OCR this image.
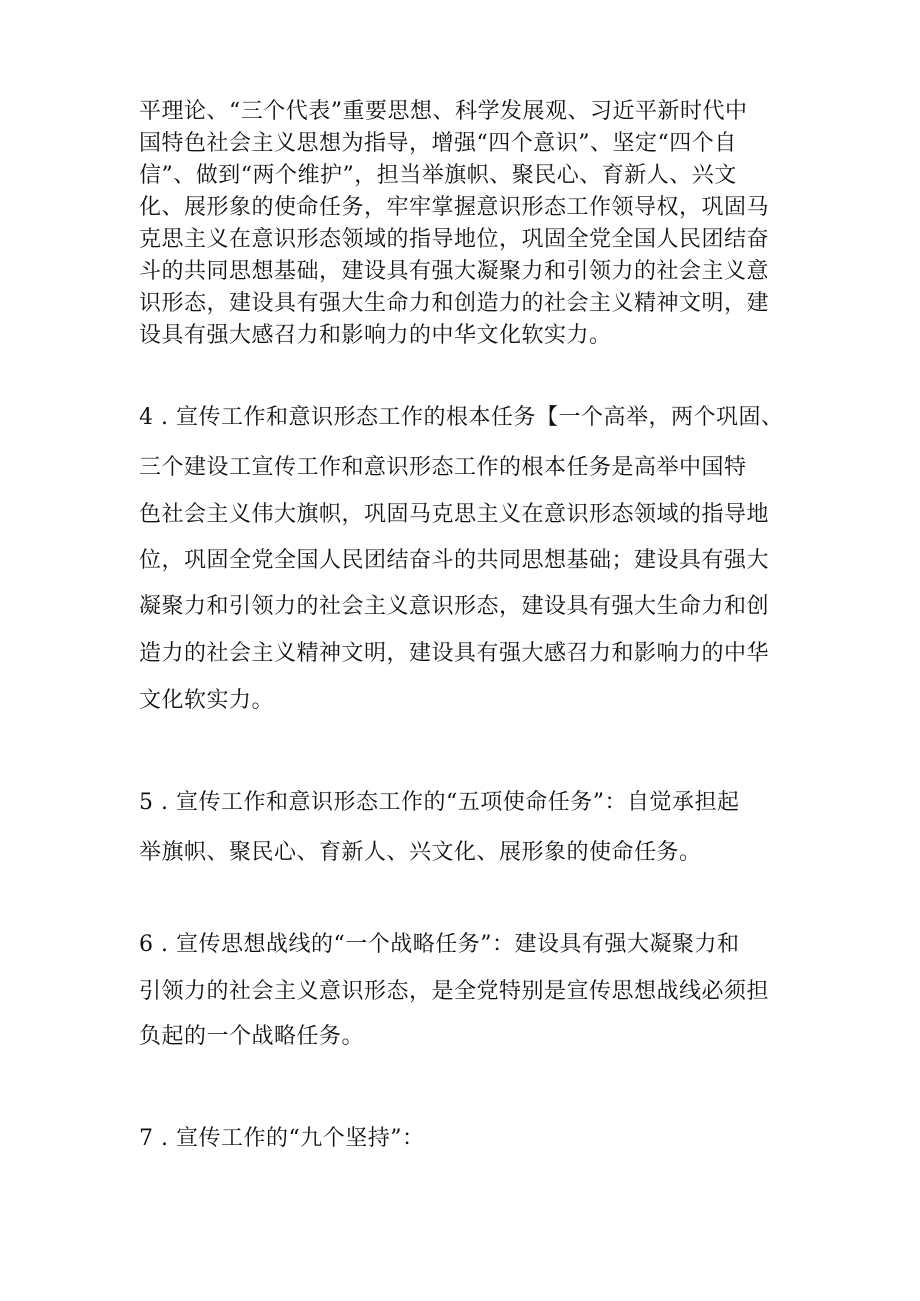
平理论、“三个代表”重要思想、科学发展观、习近平新时代中
国特色社会主义思想为指导，增强“四个意识”、坚定“四个自
信”、做到“两个维护”，担当举旗帜、聚民心、育新人、兴文
化、展形象的使命任务，牢牢掌握意识形态工作领导权，巩固马
克思主义在意识形态领域的指导地位，巩固全党全国人民团结奋
斗的共同思想基础，建设具有强大凝聚力和引领力的社会主义意
识形态，建设具有强大生命力和创造力的社会主义精神文明，建
设具有强大感召力和影响力的中华文化软实力。
4 . 宣传工作和意识形态工作的根本任务【一个高举，两个巩固、
三个建设工宣传工作和意识形态工作的根本任务是高举中国特
色社会主义伟大旗帜，巩固马克思主义在意识形态领域的指导地
位，巩固全党全国人民团结奋斗的共同思想基础；建设具有强大
凝聚力和引领力的社会主义意识形态，建设具有强大生命力和创
造力的社会主义精神文明，建设具有强大感召力和影响力的中华
文化软实力。
5 . 宣传工作和意识形态工作的“五项使命任务”：自觉承担起
举旗帜、聚民心、育新人、兴文化、展形象的使命任务。
6 . 宣传思想战线的“一个战略任务”：建设具有强大凝聚力和
引领力的社会主义意识形态，是全党特别是宣传思想战线必须担
负起的一个战略任务。
7 . 宣传工作的“九个坚持”：
